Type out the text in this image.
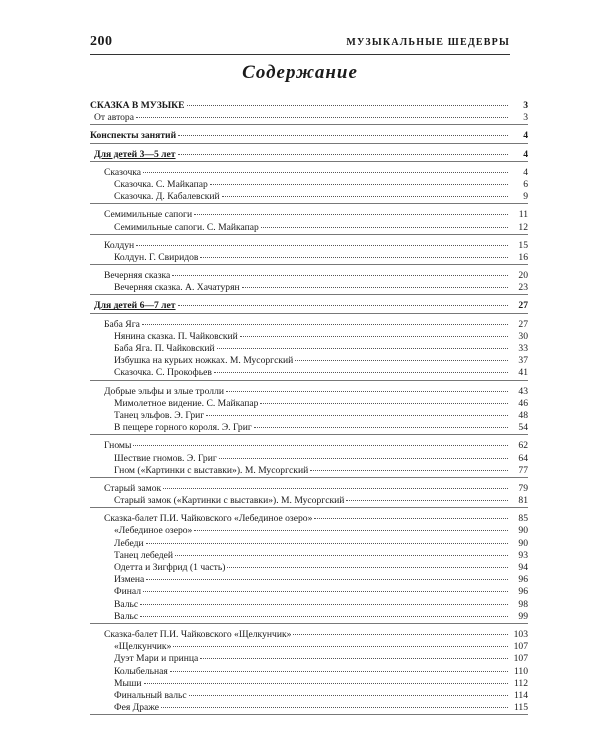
200	МУЗЫКАЛЬНЫЕ ШЕДЕВРЫ
Содержание
СКАЗКА В МУЗЫКЕ	3
От автора	3
Конспекты занятий	4
Для детей 3—5 лет	4
Сказочка	4
Сказочка. С. Майкапар	6
Сказочка. Д. Кабалевский	9
Семимильные сапоги	11
Семимильные сапоги. С. Майкапар	12
Колдун	15
Колдун. Г. Свиридов	16
Вечерняя сказка	20
Вечерняя сказка. А. Хачатурян	23
Для детей 6—7 лет	27
Баба Яга	27
Нянина сказка. П. Чайковский	30
Баба Яга. П. Чайковский	33
Избушка на курьих ножках. М. Мусоргский	37
Сказочка. С. Прокофьев	41
Добрые эльфы и злые тролли	43
Мимолетное видение. С. Майкапар	46
Танец эльфов. Э. Григ	48
В пещере горного короля. Э. Григ	54
Гномы	62
Шествие гномов. Э. Григ	64
Гном («Картинки с выставки»). М. Мусоргский	77
Старый замок	79
Старый замок («Картинки с выставки»). М. Мусоргский	81
Сказка-балет П.И. Чайковского «Лебединое озеро»	85
«Лебединое озеро»	90
Лебеди	90
Танец лебедей	93
Одетта и Зигфрид (1 часть)	94
Измена	96
Финал	96
Вальс	98
Вальс	99
Сказка-балет П.И. Чайковского «Щелкунчик»	103
«Щелкунчик»	107
Дуэт Мари и принца	107
Колыбельная	110
Мыши	112
Финальный вальс	114
Фея Драже	115
